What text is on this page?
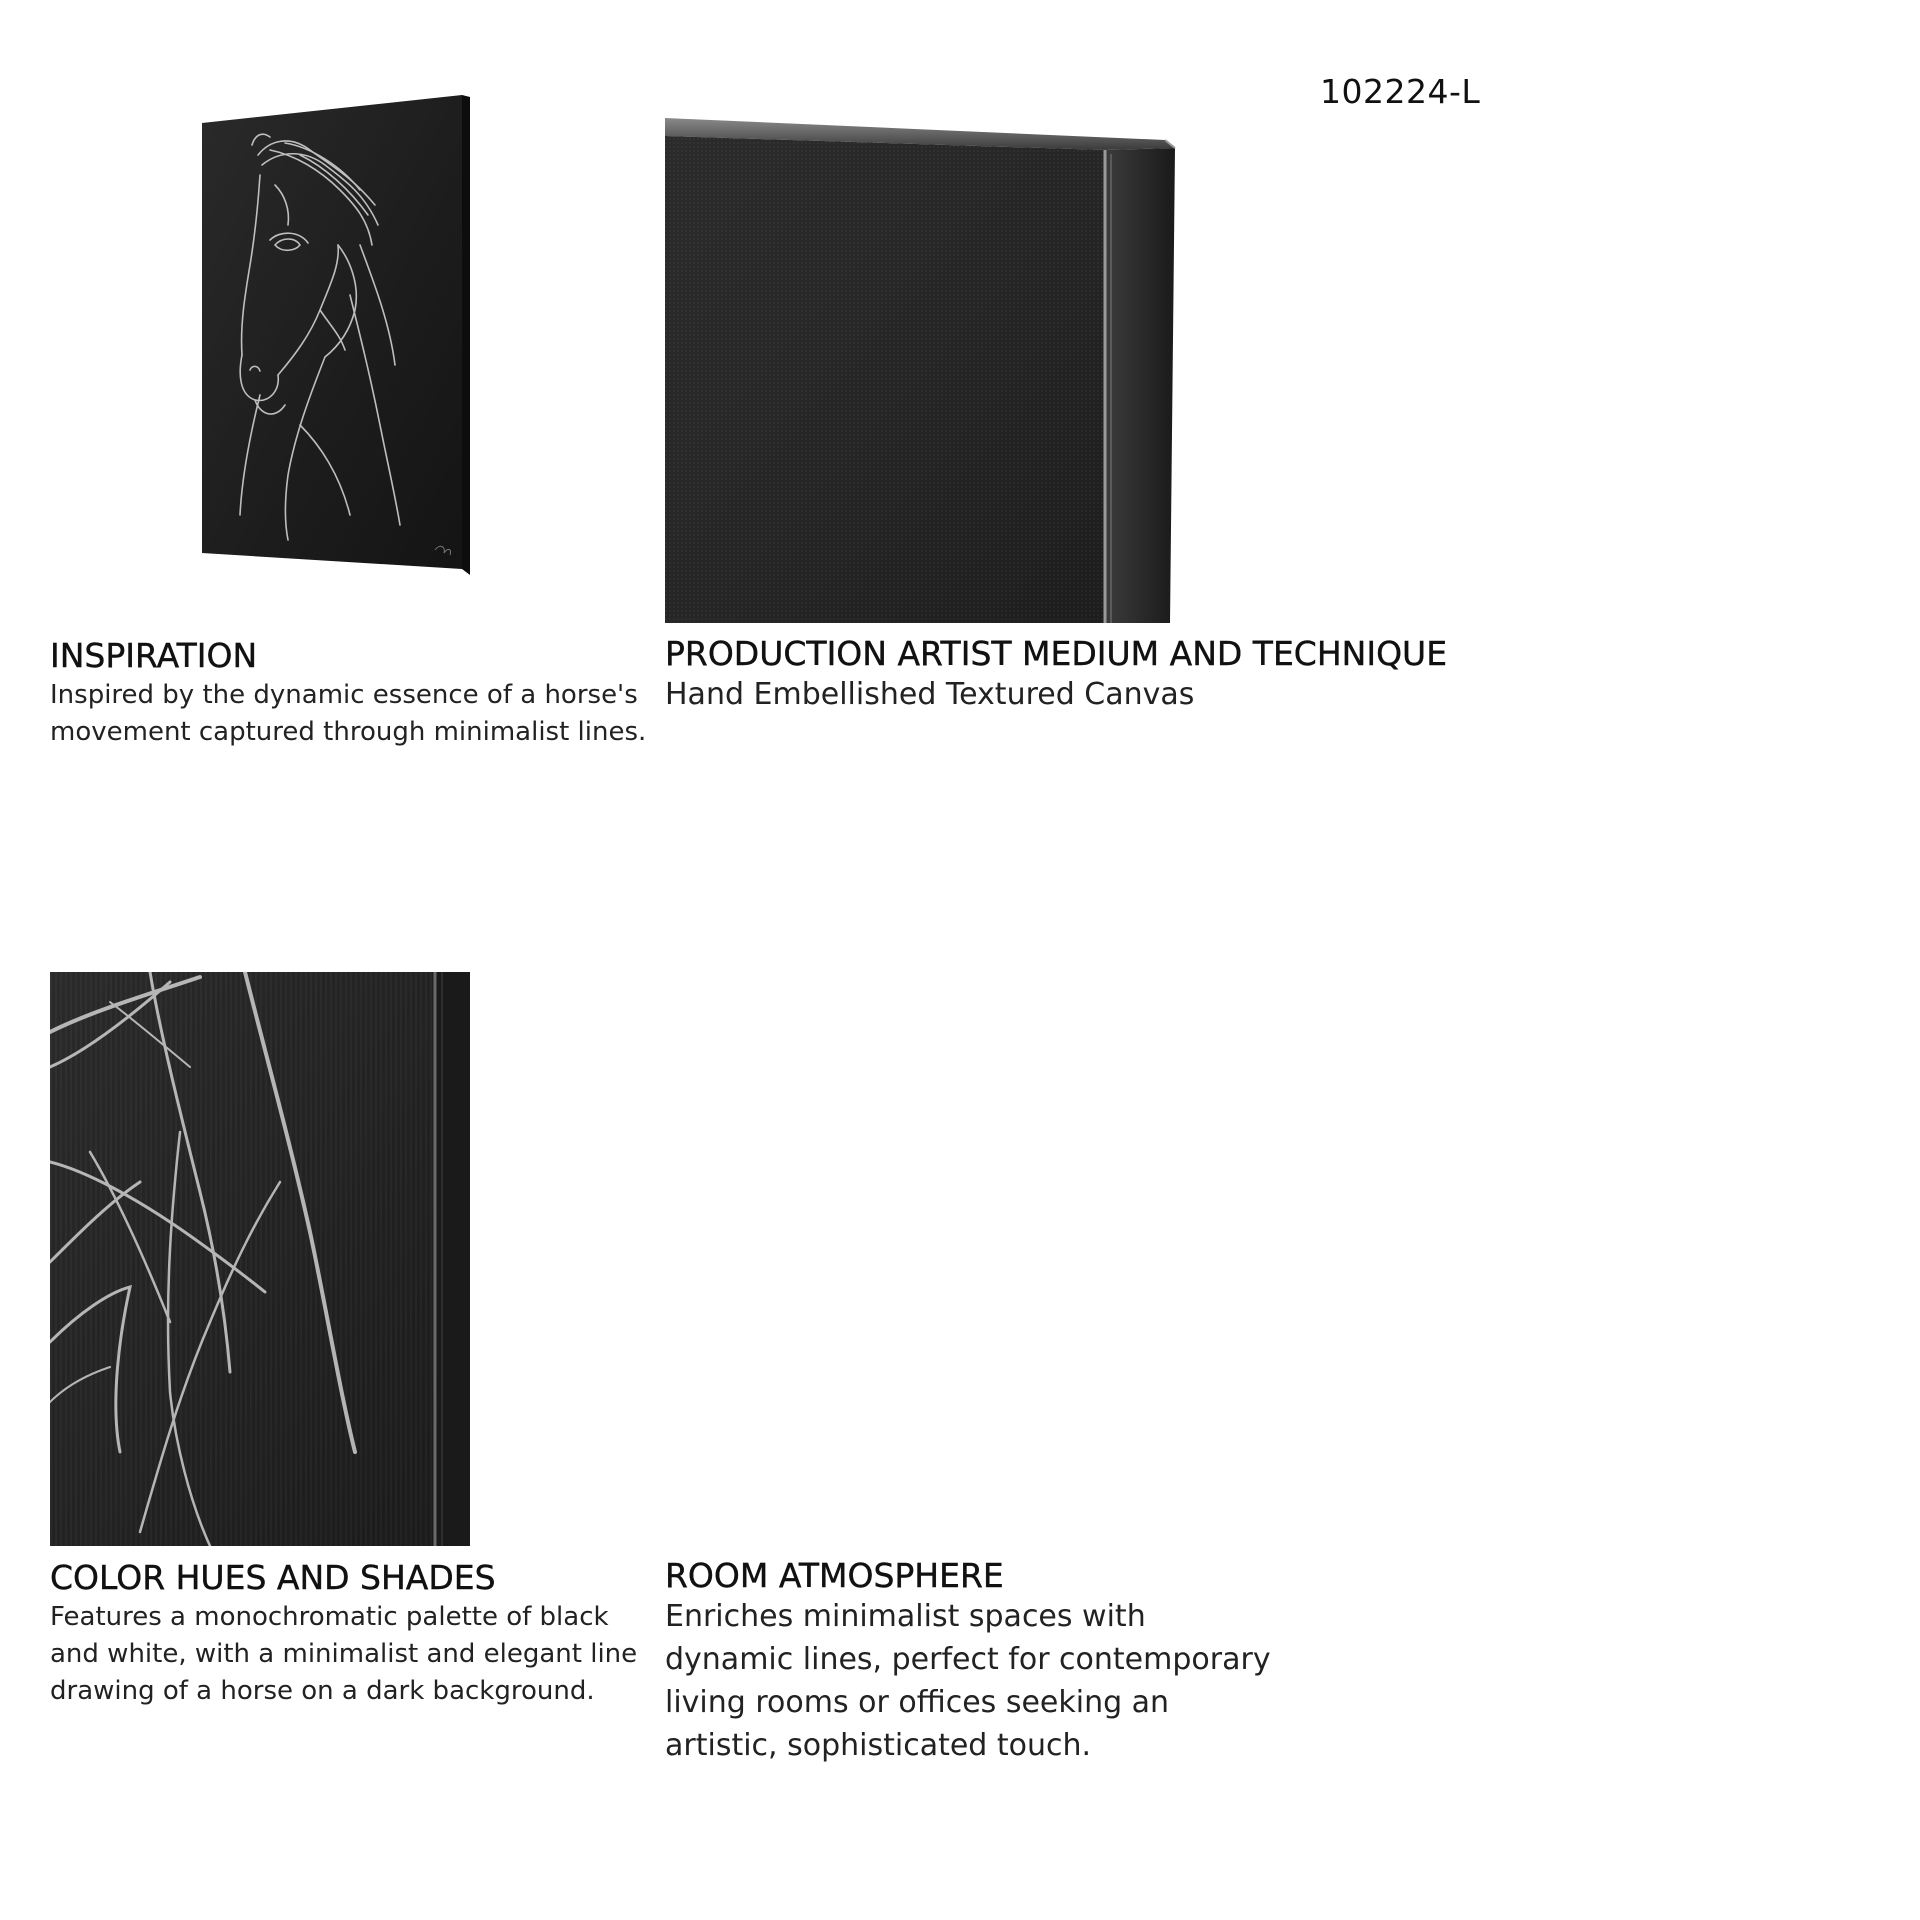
102224-L
INSPIRATION
Inspired by the dynamic essence of a horse's
movement captured through minimalist lines.
PRODUCTION ARTIST MEDIUM AND TECHNIQUE
Hand Embellished Textured Canvas
COLOR HUES AND SHADES
Features a monochromatic palette of black
and white, with a minimalist and elegant line
drawing of a horse on a dark background.
ROOM ATMOSPHERE
Enriches minimalist spaces with
dynamic lines, perfect for contemporary
living rooms or offices seeking an
artistic, sophisticated touch.
